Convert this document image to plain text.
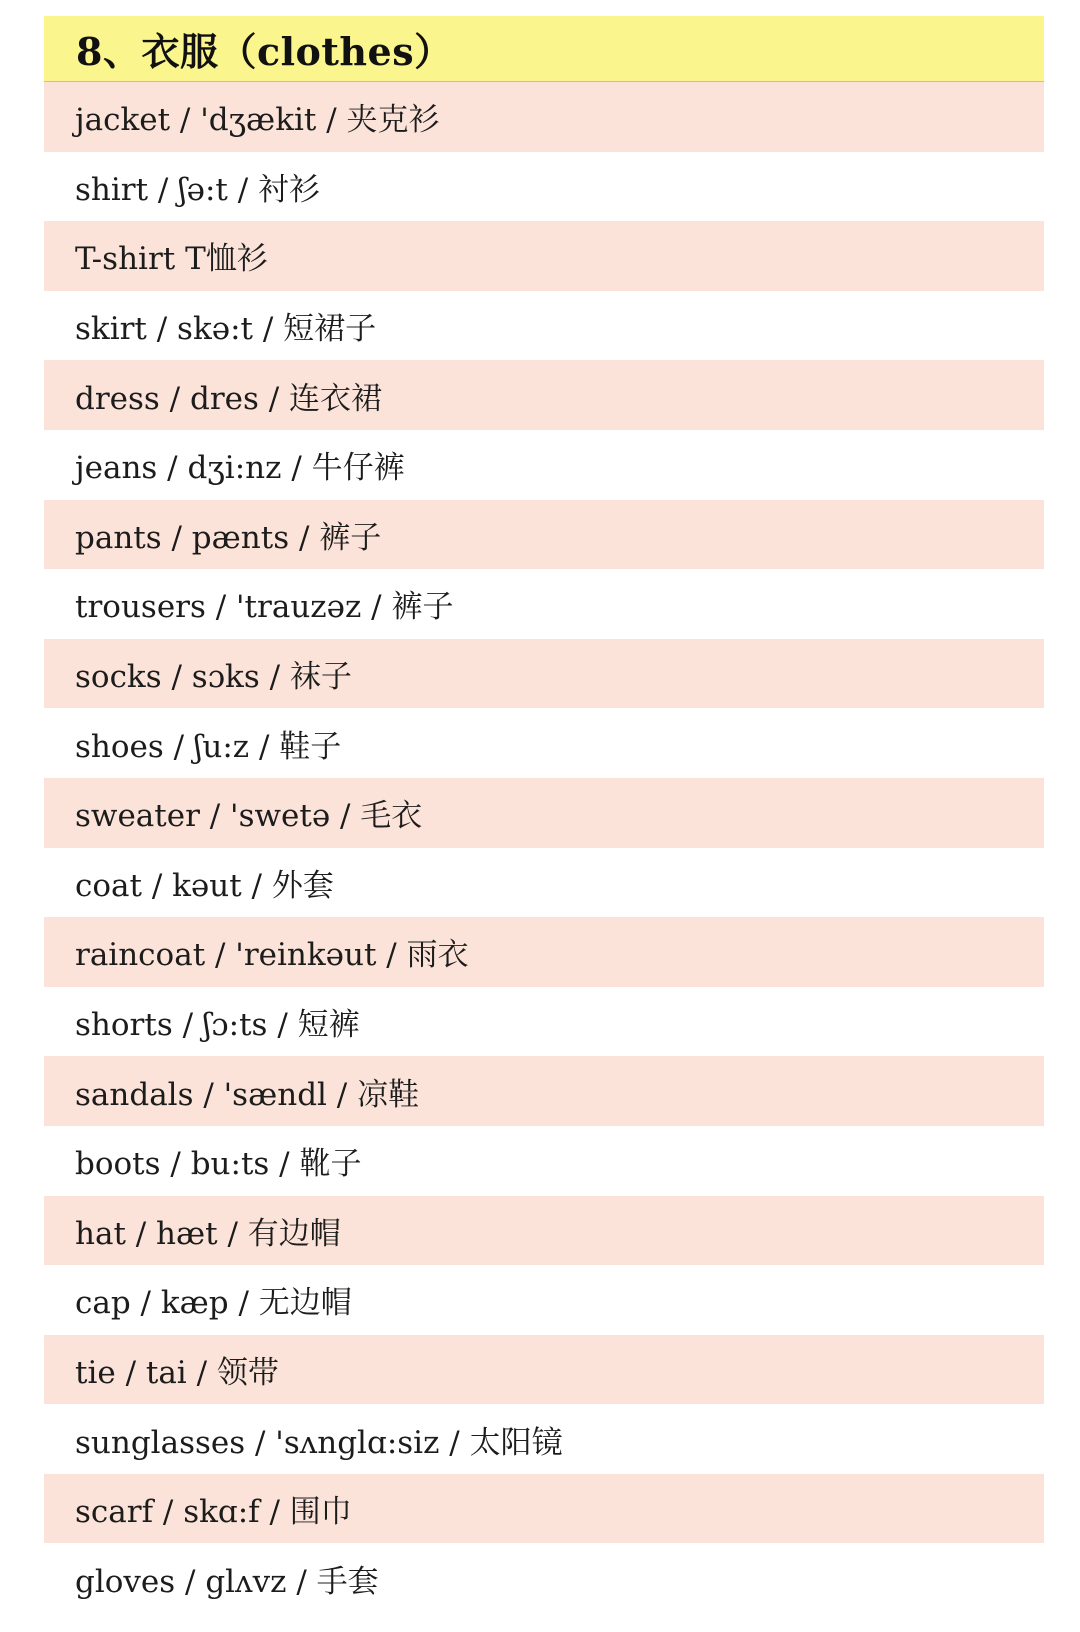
8、衣服（clothes）
jacket / 'dʒækit / 夹克衫
shirt / ʃə:t / 衬衫
T-shirt T恤衫
skirt / skə:t / 短裙子
dress / dres / 连衣裙
jeans / dʒi:nz / 牛仔裤
pants / pænts / 裤子
trousers / 'trauzəz / 裤子
socks / sɔks / 袜子
shoes / ʃu:z / 鞋子
sweater / 'swetə / 毛衣
coat / kəut / 外套
raincoat / 'reinkəut / 雨衣
shorts / ʃɔ:ts / 短裤
sandals / 'sændl / 凉鞋
boots / bu:ts / 靴子
hat / hæt / 有边帽
cap / kæp / 无边帽
tie / tai / 领带
sunglasses / 'sʌnglɑ:siz / 太阳镜
scarf / skɑ:f / 围巾
gloves / glʌvz / 手套
